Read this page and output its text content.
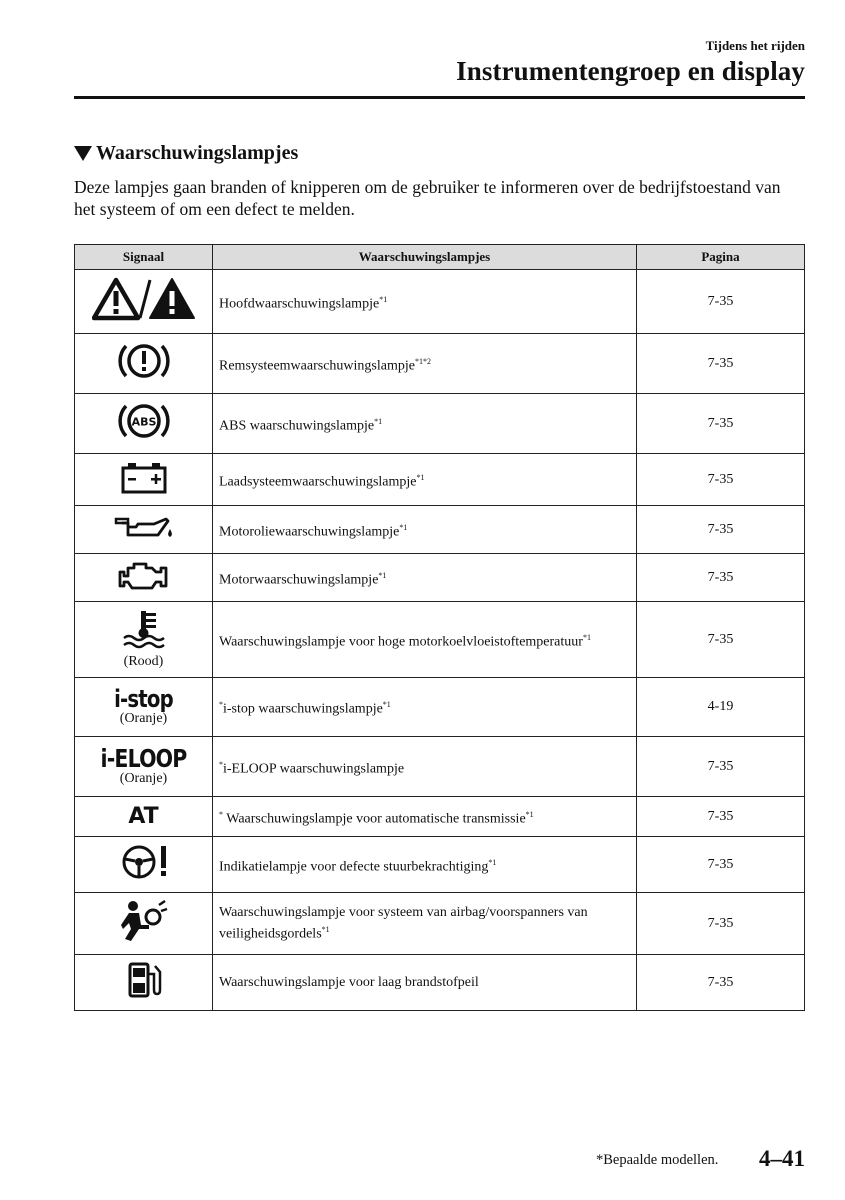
Tijdens het rijden
Instrumentengroep en display
Waarschuwingslampjes
Deze lampjes gaan branden of knipperen om de gebruiker te informeren over de bedrijfstoestand van het systeem of om een defect te melden.
Signaal	Waarschuwingslampjes	Pagina
	Hoofdwaarschuwingslampje$^{*1}$	7-35
	Remsysteemwaarschuwingslampje$^{*1*2}$	7-35

ABS	ABS waarschuwingslampje$^{*1}$	7-35
	Laadsysteemwaarschuwingslampje$^{*1}$	7-35
	Motoroliewaarschuwingslampje$^{*1}$	7-35
	Motorwaarschuwingslampje$^{*1}$	7-35

(Rood)	Waarschuwingslampje voor hoge motorkoelvloeistoftemperatuur$^{*1}$	7-35

i-stop
(Oranje)	*i-stop waarschuwingslampje$^{*1}$	4-19

i-ELOOP
(Oranje)	*i-ELOOP waarschuwingslampje	7-35

AT	* Waarschuwingslampje voor automatische transmissie$^{*1}$	7-35
	Indikatielampje voor defecte stuurbekrachtiging$^{*1}$	7-35
	Waarschuwingslampje voor systeem van airbag/voorspanners van veiligheidsgordels$^{*1}$	7-35
	Waarschuwingslampje voor laag brandstofpeil	7-35
*Bepaalde modellen. 4–41
